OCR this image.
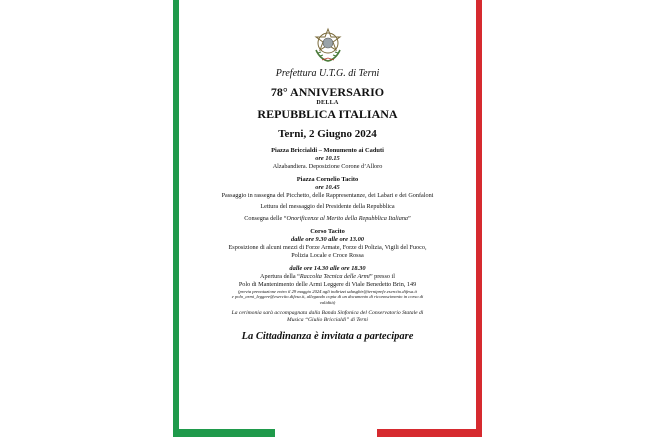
Prefettura U.T.G. di Terni

78° ANNIVERSARIO

DELLA

REPUBBLICA ITALIANA

Terni, 2 Giugno 2024

Piazza Briccialdi – Monumento ai Caduti

ore 10.15

Alzabandiera. Deposizione Corone d’Alloro

Piazza Cornelio Tacito

ore 10.45

Passaggio in rassegna del Picchetto, delle Rappresentanze, dei Labari e dei Gonfaloni

Lettura del messaggio del Presidente della Repubblica

Consegna delle “Onorificenze al Merito della Repubblica Italiana”

Corso Tacito

dalle ore 9.30 alle ore 13.00

Esposizione di alcuni mezzi di Forze Armate, Forze di Polizia, Vigili del Fuoco,

Polizia Locale e Croce Rossa

dalle ore 14.30 alle ore 18.30

Apertura della “Raccolta Tecnica delle Armi” presso il

Polo di Mantenimento delle Armi Leggere di Viale Benedetto Brin, 149

(previa prenotazione entro il 29 maggio 2024 agli indirizzi udasgbir@terniprefe.esercito.difesa.it

e polo_armi_leggere@esercito.difesa.it, allegando copia di un documento di riconoscimento in corso di

validità)

La cerimonia sarà accompagnata dalla Banda Sinfonica del Conservatorio Statale di

Musica “Giulio Briccialdi” di Terni

La Cittadinanza è invitata a partecipare
